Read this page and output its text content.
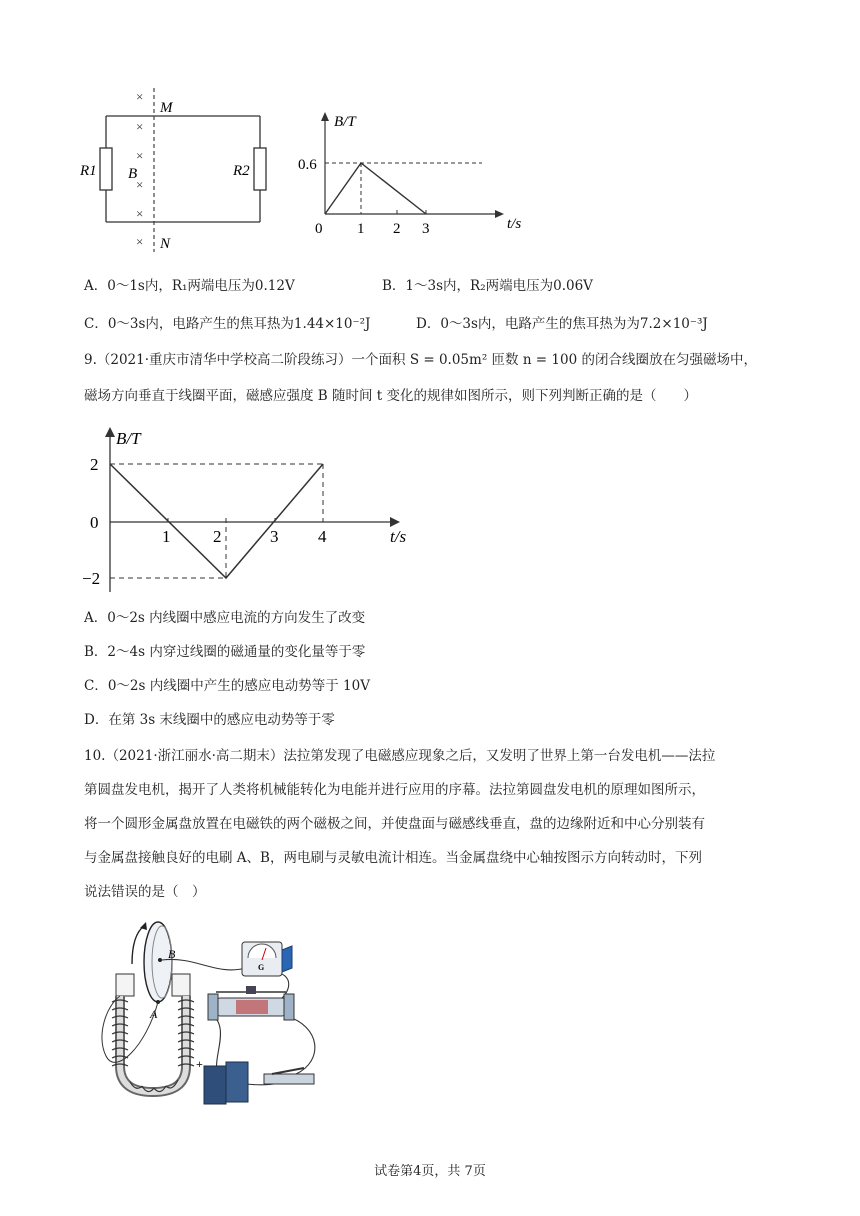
×
×
×
×
×
×
M
N
R1	R2
B
B/T
t/s
0.6
0 1 2 3
A．0～1s内，R₁两端电压为0.12V	B．1～3s内，R₂两端电压为0.06V
C．0～3s内，电路产生的焦耳热为1.44×10⁻²J	D．0～3s内，电路产生的焦耳热为为7.2×10⁻³J
9.（2021·重庆市清华中学校高二阶段练习）一个面积 S = 0.05m² 匝数 n = 100 的闭合线圈放在匀强磁场中，
磁场方向垂直于线圈平面，磁感应强度 B 随时间 t 变化的规律如图所示，则下列判断正确的是（　　）
B/T
t/s
2
0
−2
1	2	3 4
A．0～2s 内线圈中感应电流的方向发生了改变
B．2～4s 内穿过线圈的磁通量的变化量等于零
C．0～2s 内线圈中产生的感应电动势等于 10V
D．在第 3s 末线圈中的感应电动势等于零
10.（2021·浙江丽水·高二期末）法拉第发现了电磁感应现象之后，又发明了世界上第一台发电机——法拉
第圆盘发电机，揭开了人类将机械能转化为电能并进行应用的序幕。法拉第圆盘发电机的原理如图所示，
将一个圆形金属盘放置在电磁铁的两个磁极之间，并使盘面与磁感线垂直，盘的边缘附近和中心分别装有
与金属盘接触良好的电刷 A、B，两电刷与灵敏电流计相连。当金属盘绕中心轴按图示方向转动时，下列
说法错误的是（　）
B
A
G
+
试卷第4页，共 7页
